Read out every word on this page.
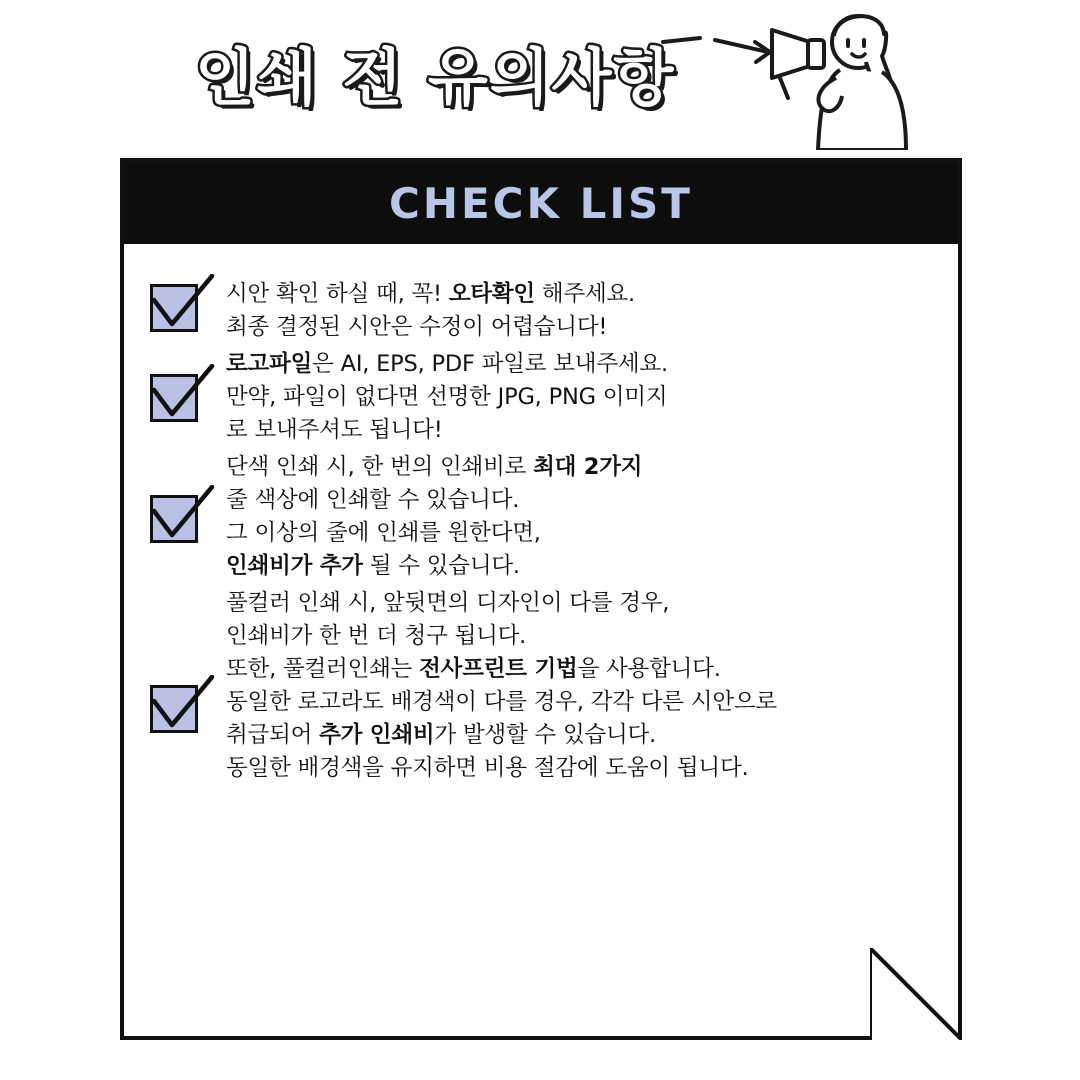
인쇄 전 유의사항
CHECK LIST
시안 확인 하실 때, 꼭! 오타확인 해주세요.
최종 결정된 시안은 수정이 어렵습니다!
로고파일은 AI, EPS, PDF 파일로 보내주세요.
만약, 파일이 없다면 선명한 JPG, PNG 이미지
로 보내주셔도 됩니다!
단색 인쇄 시, 한 번의 인쇄비로 최대 2가지
줄 색상에 인쇄할 수 있습니다.
그 이상의 줄에 인쇄를 원한다면,
인쇄비가 추가 될 수 있습니다.
풀컬러 인쇄 시, 앞뒷면의 디자인이 다를 경우,
인쇄비가 한 번 더 청구 됩니다.
또한, 풀컬러인쇄는 전사프린트 기법을 사용합니다.
동일한 로고라도 배경색이 다를 경우, 각각 다른 시안으로
취급되어 추가 인쇄비가 발생할 수 있습니다.
동일한 배경색을 유지하면 비용 절감에 도움이 됩니다.
